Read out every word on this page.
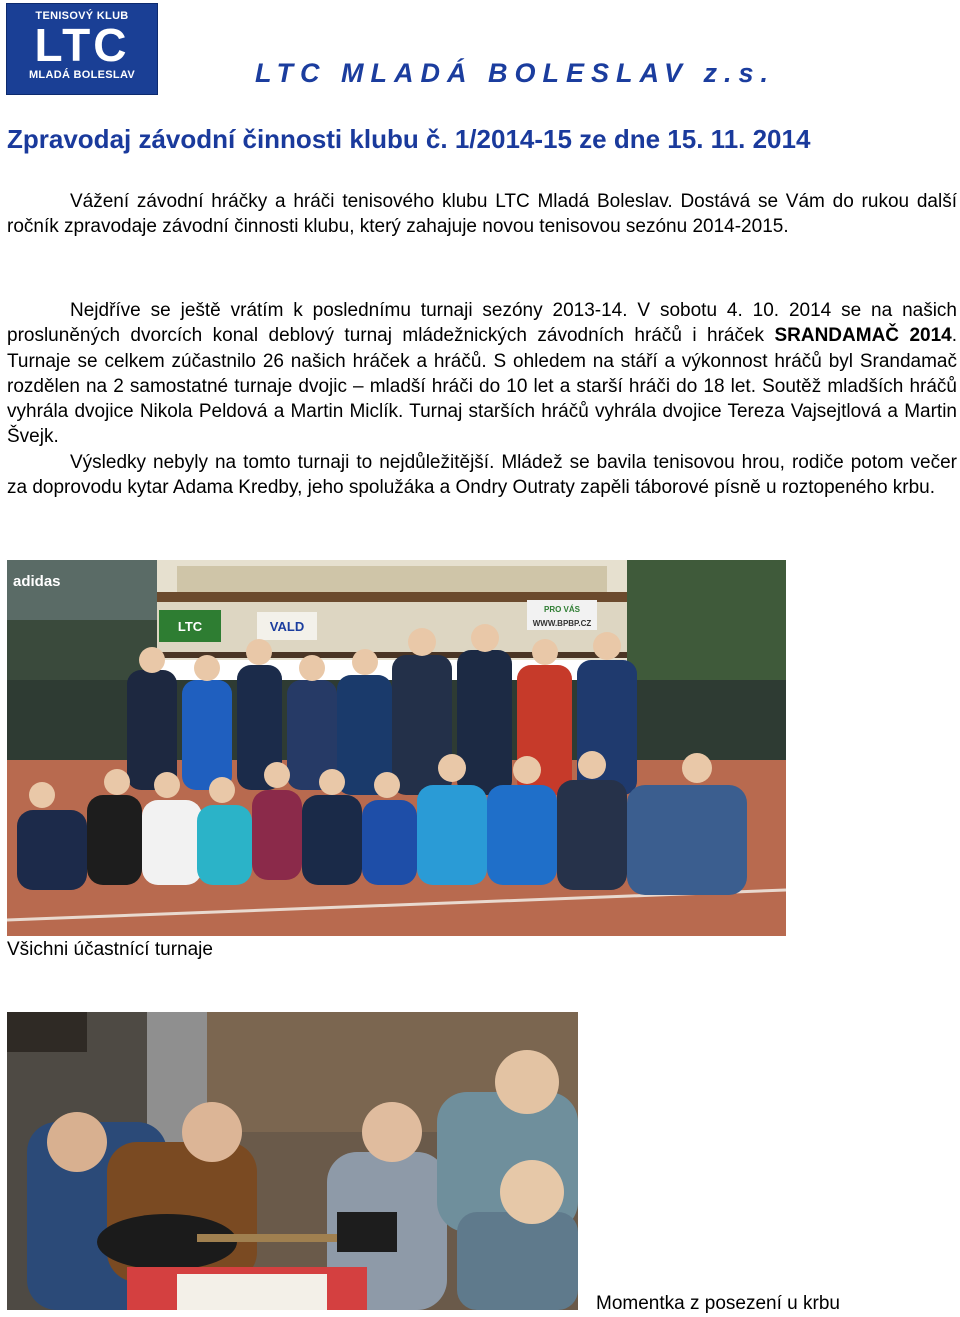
TENISOVÝ KLUB
LTC
MLADÁ BOLESLAV	LTC MLADÁ BOLESLAV z.s.
Zpravodaj závodní činnosti klubu č. 1/2014-15 ze dne 15. 11. 2014

Vážení závodní hráčky a hráči tenisového klubu LTC Mladá Boleslav. Dostává se Vám do rukou další ročník zpravodaje závodní činnosti klubu, který zahajuje novou tenisovou sezónu 2014-2015.

Nejdříve se ještě vrátím k poslednímu turnaji sezóny 2013-14. V sobotu 4. 10. 2014 se na našich prosluněných dvorcích konal deblový turnaj mládežnických závodních hráčů i hráček SRANDAMAČ 2014. Turnaje se celkem zúčastnilo 26 našich hráček a hráčů. S ohledem na stáří a výkonnost hráčů byl Srandamač rozdělen na 2 samostatné turnaje dvojic – mladší hráči do 10 let a starší hráči do 18 let. Soutěž mladších hráčů vyhrála dvojice Nikola Peldová a Martin Miclík. Turnaj starších hráčů vyhrála dvojice Tereza Vajsejtlová a Martin Švejk.
Výsledky nebyly na tomto turnaji to nejdůležitější. Mládež se bavila tenisovou hrou, rodiče potom večer za doprovodu kytar Adama Kredby, jeho spolužáka a Ondry Outraty zapěli táborové písně u roztopeného krbu.

LTC	VALD
adidas
PRO VÁS
WWW.BPBP.CZ
Všichni účastnící turnaje
Momentka z posezení u krbu
